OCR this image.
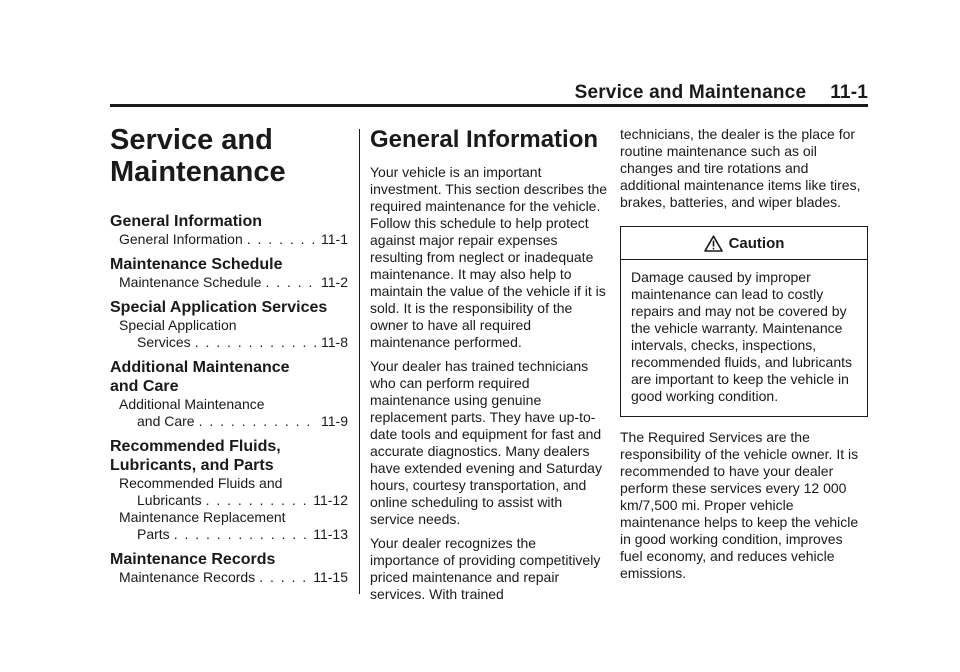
Service and Maintenance 11-1
Service and
Maintenance
General Information
General Information . . .	11-1
Maintenance Schedule
Maintenance Schedule . . .	11-2
Special Application Services
Special Application
Services . . .	11-8
Additional Maintenance
and Care
Additional Maintenance
and Care . . .	11-9
Recommended Fluids,
Lubricants, and Parts
Recommended Fluids and
Lubricants . . .	11-12
Maintenance Replacement
Parts . . .	11-13
Maintenance Records
Maintenance Records . . .	11-15
General Information

Your vehicle is an important investment. This section describes the required maintenance for the vehicle. Follow this schedule to help protect against major repair expenses resulting from neglect or inadequate maintenance. It may also help to maintain the value of the vehicle if it is sold. It is the responsibility of the owner to have all required maintenance performed.

Your dealer has trained technicians who can perform required maintenance using genuine replacement parts. They have up-to-date tools and equipment for fast and accurate diagnostics. Many dealers have extended evening and Saturday hours, courtesy transportation, and online scheduling to assist with service needs.

Your dealer recognizes the importance of providing competitively priced maintenance and repair services. With trained

technicians, the dealer is the place for routine maintenance such as oil changes and tire rotations and additional maintenance items like tires, brakes, batteries, and wiper blades.

Caution
Damage caused by improper maintenance can lead to costly repairs and may not be covered by the vehicle warranty. Maintenance intervals, checks, inspections, recommended fluids, and lubricants are important to keep the vehicle in good working condition.

The Required Services are the responsibility of the vehicle owner. It is recommended to have your dealer perform these services every 12 000 km/7,500 mi. Proper vehicle maintenance helps to keep the vehicle in good working condition, improves fuel economy, and reduces vehicle emissions.
